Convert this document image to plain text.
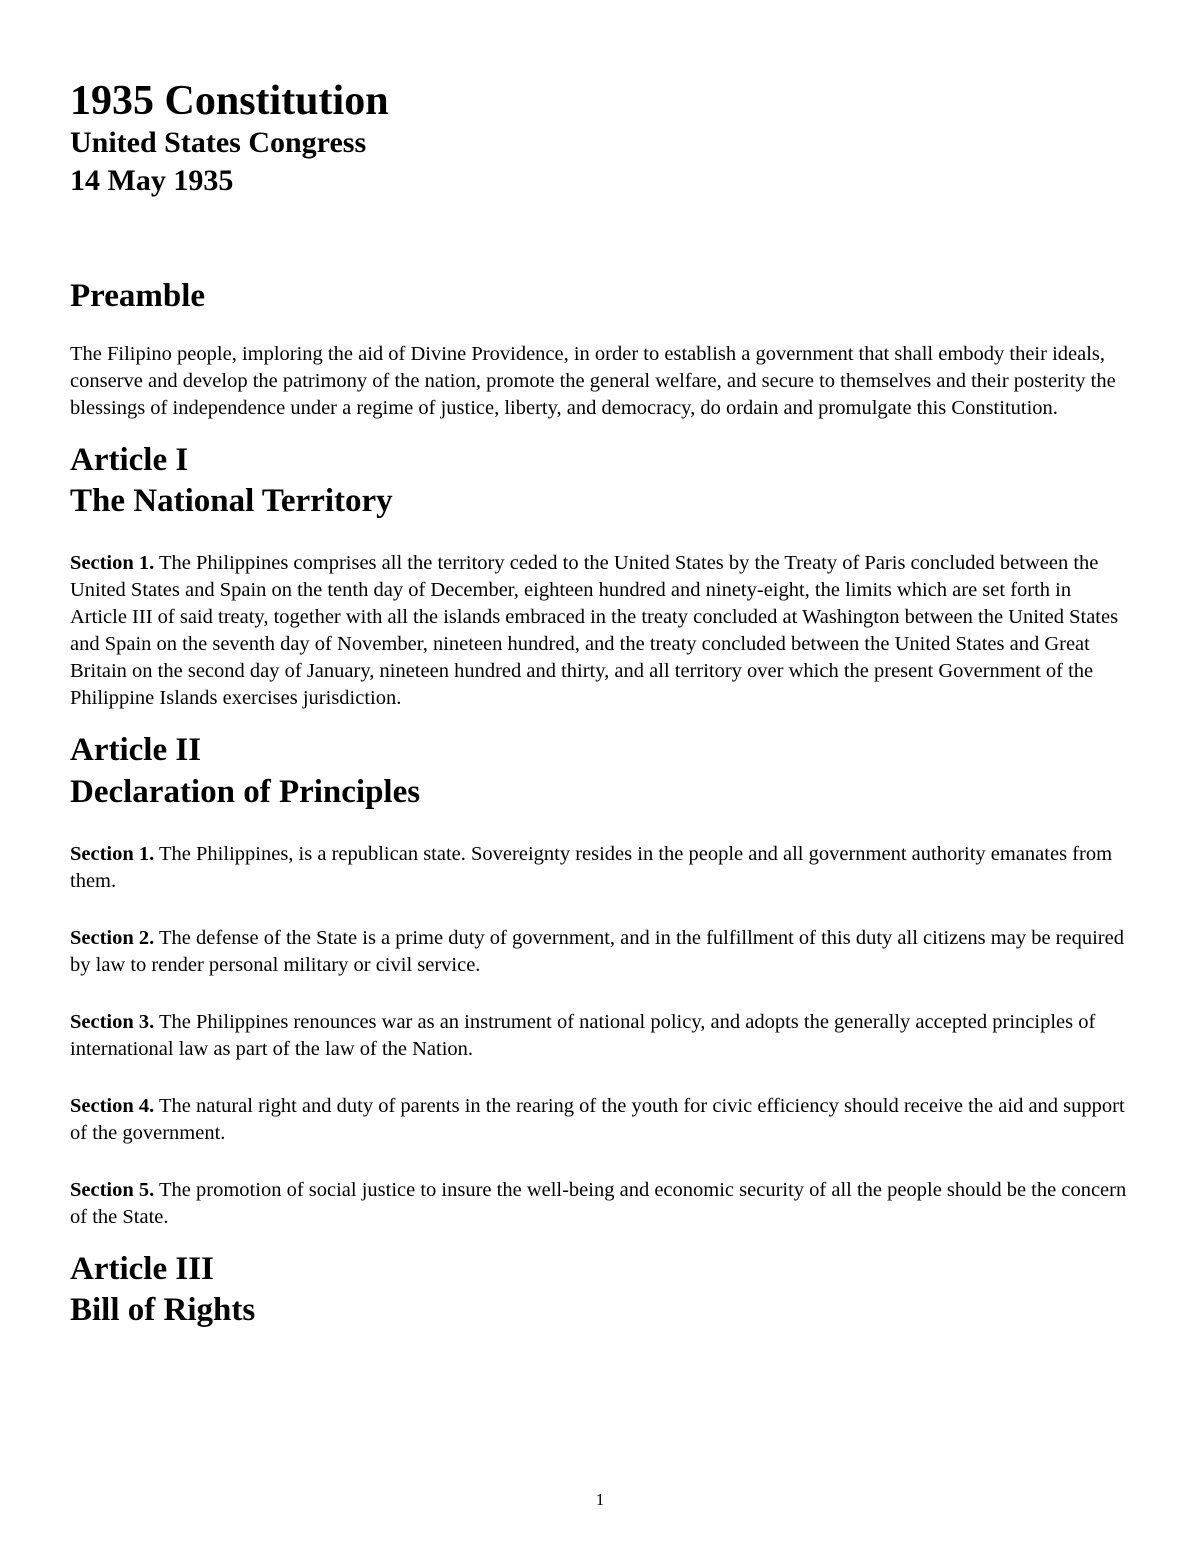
1935 Constitution
United States Congress
14 May 1935
Preamble

The Filipino people, imploring the aid of Divine Providence, in order to establish a government that shall embody their ideals, conserve and develop the patrimony of the nation, promote the general welfare, and secure to themselves and their posterity the blessings of independence under a regime of justice, liberty, and democracy, do ordain and promulgate this Constitution.

Article I
The National Territory

Section 1. The Philippines comprises all the territory ceded to the United States by the Treaty of Paris concluded between the United States and Spain on the tenth day of December, eighteen hundred and ninety-eight, the limits which are set forth in Article III of said treaty, together with all the islands embraced in the treaty concluded at Washington between the United States and Spain on the seventh day of November, nineteen hundred, and the treaty concluded between the United States and Great Britain on the second day of January, nineteen hundred and thirty, and all territory over which the present Government of the Philippine Islands exercises jurisdiction.

Article II
Declaration of Principles

Section 1. The Philippines, is a republican state. Sovereignty resides in the people and all government authority emanates from them.

Section 2. The defense of the State is a prime duty of government, and in the fulfillment of this duty all citizens may be required by law to render personal military or civil service.

Section 3. The Philippines renounces war as an instrument of national policy, and adopts the generally accepted principles of international law as part of the law of the Nation.

Section 4. The natural right and duty of parents in the rearing of the youth for civic efficiency should receive the aid and support of the government.

Section 5. The promotion of social justice to insure the well-being and economic security of all the people should be the concern of the State.

Article III
Bill of Rights
1
